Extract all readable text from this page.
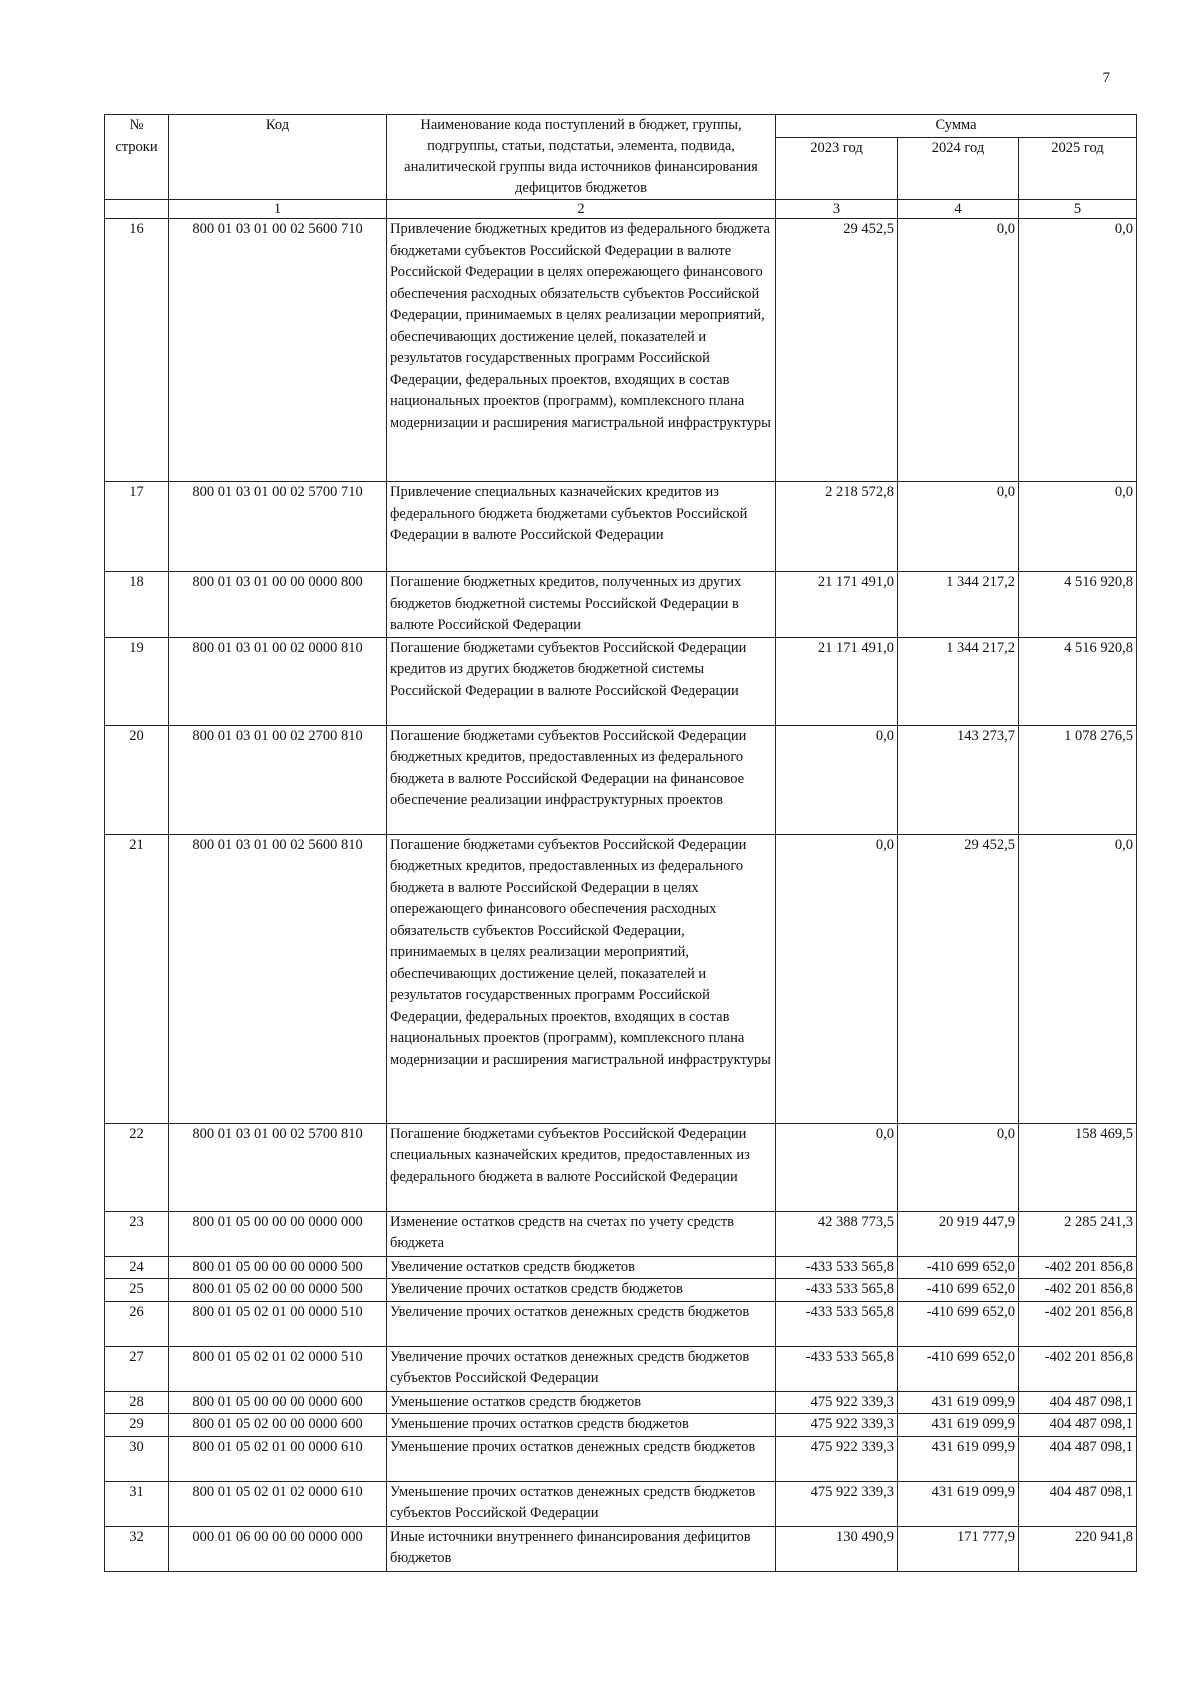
7
№ строки	Код	Наименование кода поступлений в бюджет, группы, подгруппы, статьи, подстатьи, элемента, подвида, аналитической группы вида источников финансирования дефицитов бюджетов	Сумма		
			2023 год	2024 год	2025 год
	1	2	3	4	5
16	800 01 03 01 00 02 5600 710	Привлечение бюджетных кредитов из федерального бюджета бюджетами субъектов Российской Федерации в валюте Российской Федерации в целях опережающего финансового обеспечения расходных обязательств субъектов Российской Федерации, принимаемых в целях реализации мероприятий, обеспечивающих достижение целей, показателей и результатов государственных программ Российской Федерации, федеральных проектов, входящих в состав национальных проектов (программ), комплексного плана модернизации и расширения магистральной инфраструктуры	29 452,5	0,0	0,0
17	800 01 03 01 00 02 5700 710	Привлечение специальных казначейских кредитов из федерального бюджета бюджетами субъектов Российской Федерации в валюте Российской Федерации	2 218 572,8	0,0	0,0
18	800 01 03 01 00 00 0000 800	Погашение бюджетных кредитов, полученных из других бюджетов бюджетной системы Российской Федерации в валюте Российской Федерации	21 171 491,0	1 344 217,2	4 516 920,8
19	800 01 03 01 00 02 0000 810	Погашение бюджетами субъектов Российской Федерации кредитов из других бюджетов бюджетной системы Российской Федерации в валюте Российской Федерации	21 171 491,0	1 344 217,2	4 516 920,8
20	800 01 03 01 00 02 2700 810	Погашение бюджетами субъектов Российской Федерации бюджетных кредитов, предоставленных из федерального бюджета в валюте Российской Федерации на финансовое обеспечение реализации инфраструктурных проектов	0,0	143 273,7	1 078 276,5
21	800 01 03 01 00 02 5600 810	Погашение бюджетами субъектов Российской Федерации бюджетных кредитов, предоставленных из федерального бюджета в валюте Российской Федерации в целях опережающего финансового обеспечения расходных обязательств субъектов Российской Федерации, принимаемых в целях реализации мероприятий, обеспечивающих достижение целей, показателей и результатов государственных программ Российской Федерации, федеральных проектов, входящих в состав национальных проектов (программ), комплексного плана модернизации и расширения магистральной инфраструктуры	0,0	29 452,5	0,0
22	800 01 03 01 00 02 5700 810	Погашение бюджетами субъектов Российской Федерации специальных казначейских кредитов, предоставленных из федерального бюджета в валюте Российской Федерации	0,0	0,0	158 469,5
23	800 01 05 00 00 00 0000 000	Изменение остатков средств на счетах по учету средств бюджета	42 388 773,5	20 919 447,9	2 285 241,3
24	800 01 05 00 00 00 0000 500	Увеличение остатков средств бюджетов	-433 533 565,8	-410 699 652,0	-402 201 856,8
25	800 01 05 02 00 00 0000 500	Увеличение прочих остатков средств бюджетов	-433 533 565,8	-410 699 652,0	-402 201 856,8
26	800 01 05 02 01 00 0000 510	Увеличение прочих остатков денежных средств бюджетов	-433 533 565,8	-410 699 652,0	-402 201 856,8
27	800 01 05 02 01 02 0000 510	Увеличение прочих остатков денежных средств бюджетов субъектов Российской Федерации	-433 533 565,8	-410 699 652,0	-402 201 856,8
28	800 01 05 00 00 00 0000 600	Уменьшение остатков средств бюджетов	475 922 339,3	431 619 099,9	404 487 098,1
29	800 01 05 02 00 00 0000 600	Уменьшение прочих остатков средств бюджетов	475 922 339,3	431 619 099,9	404 487 098,1
30	800 01 05 02 01 00 0000 610	Уменьшение прочих остатков денежных средств бюджетов	475 922 339,3	431 619 099,9	404 487 098,1
31	800 01 05 02 01 02 0000 610	Уменьшение прочих остатков денежных средств бюджетов субъектов Российской Федерации	475 922 339,3	431 619 099,9	404 487 098,1
32	000 01 06 00 00 00 0000 000	Иные источники внутреннего финансирования дефицитов бюджетов	130 490,9	171 777,9	220 941,8
